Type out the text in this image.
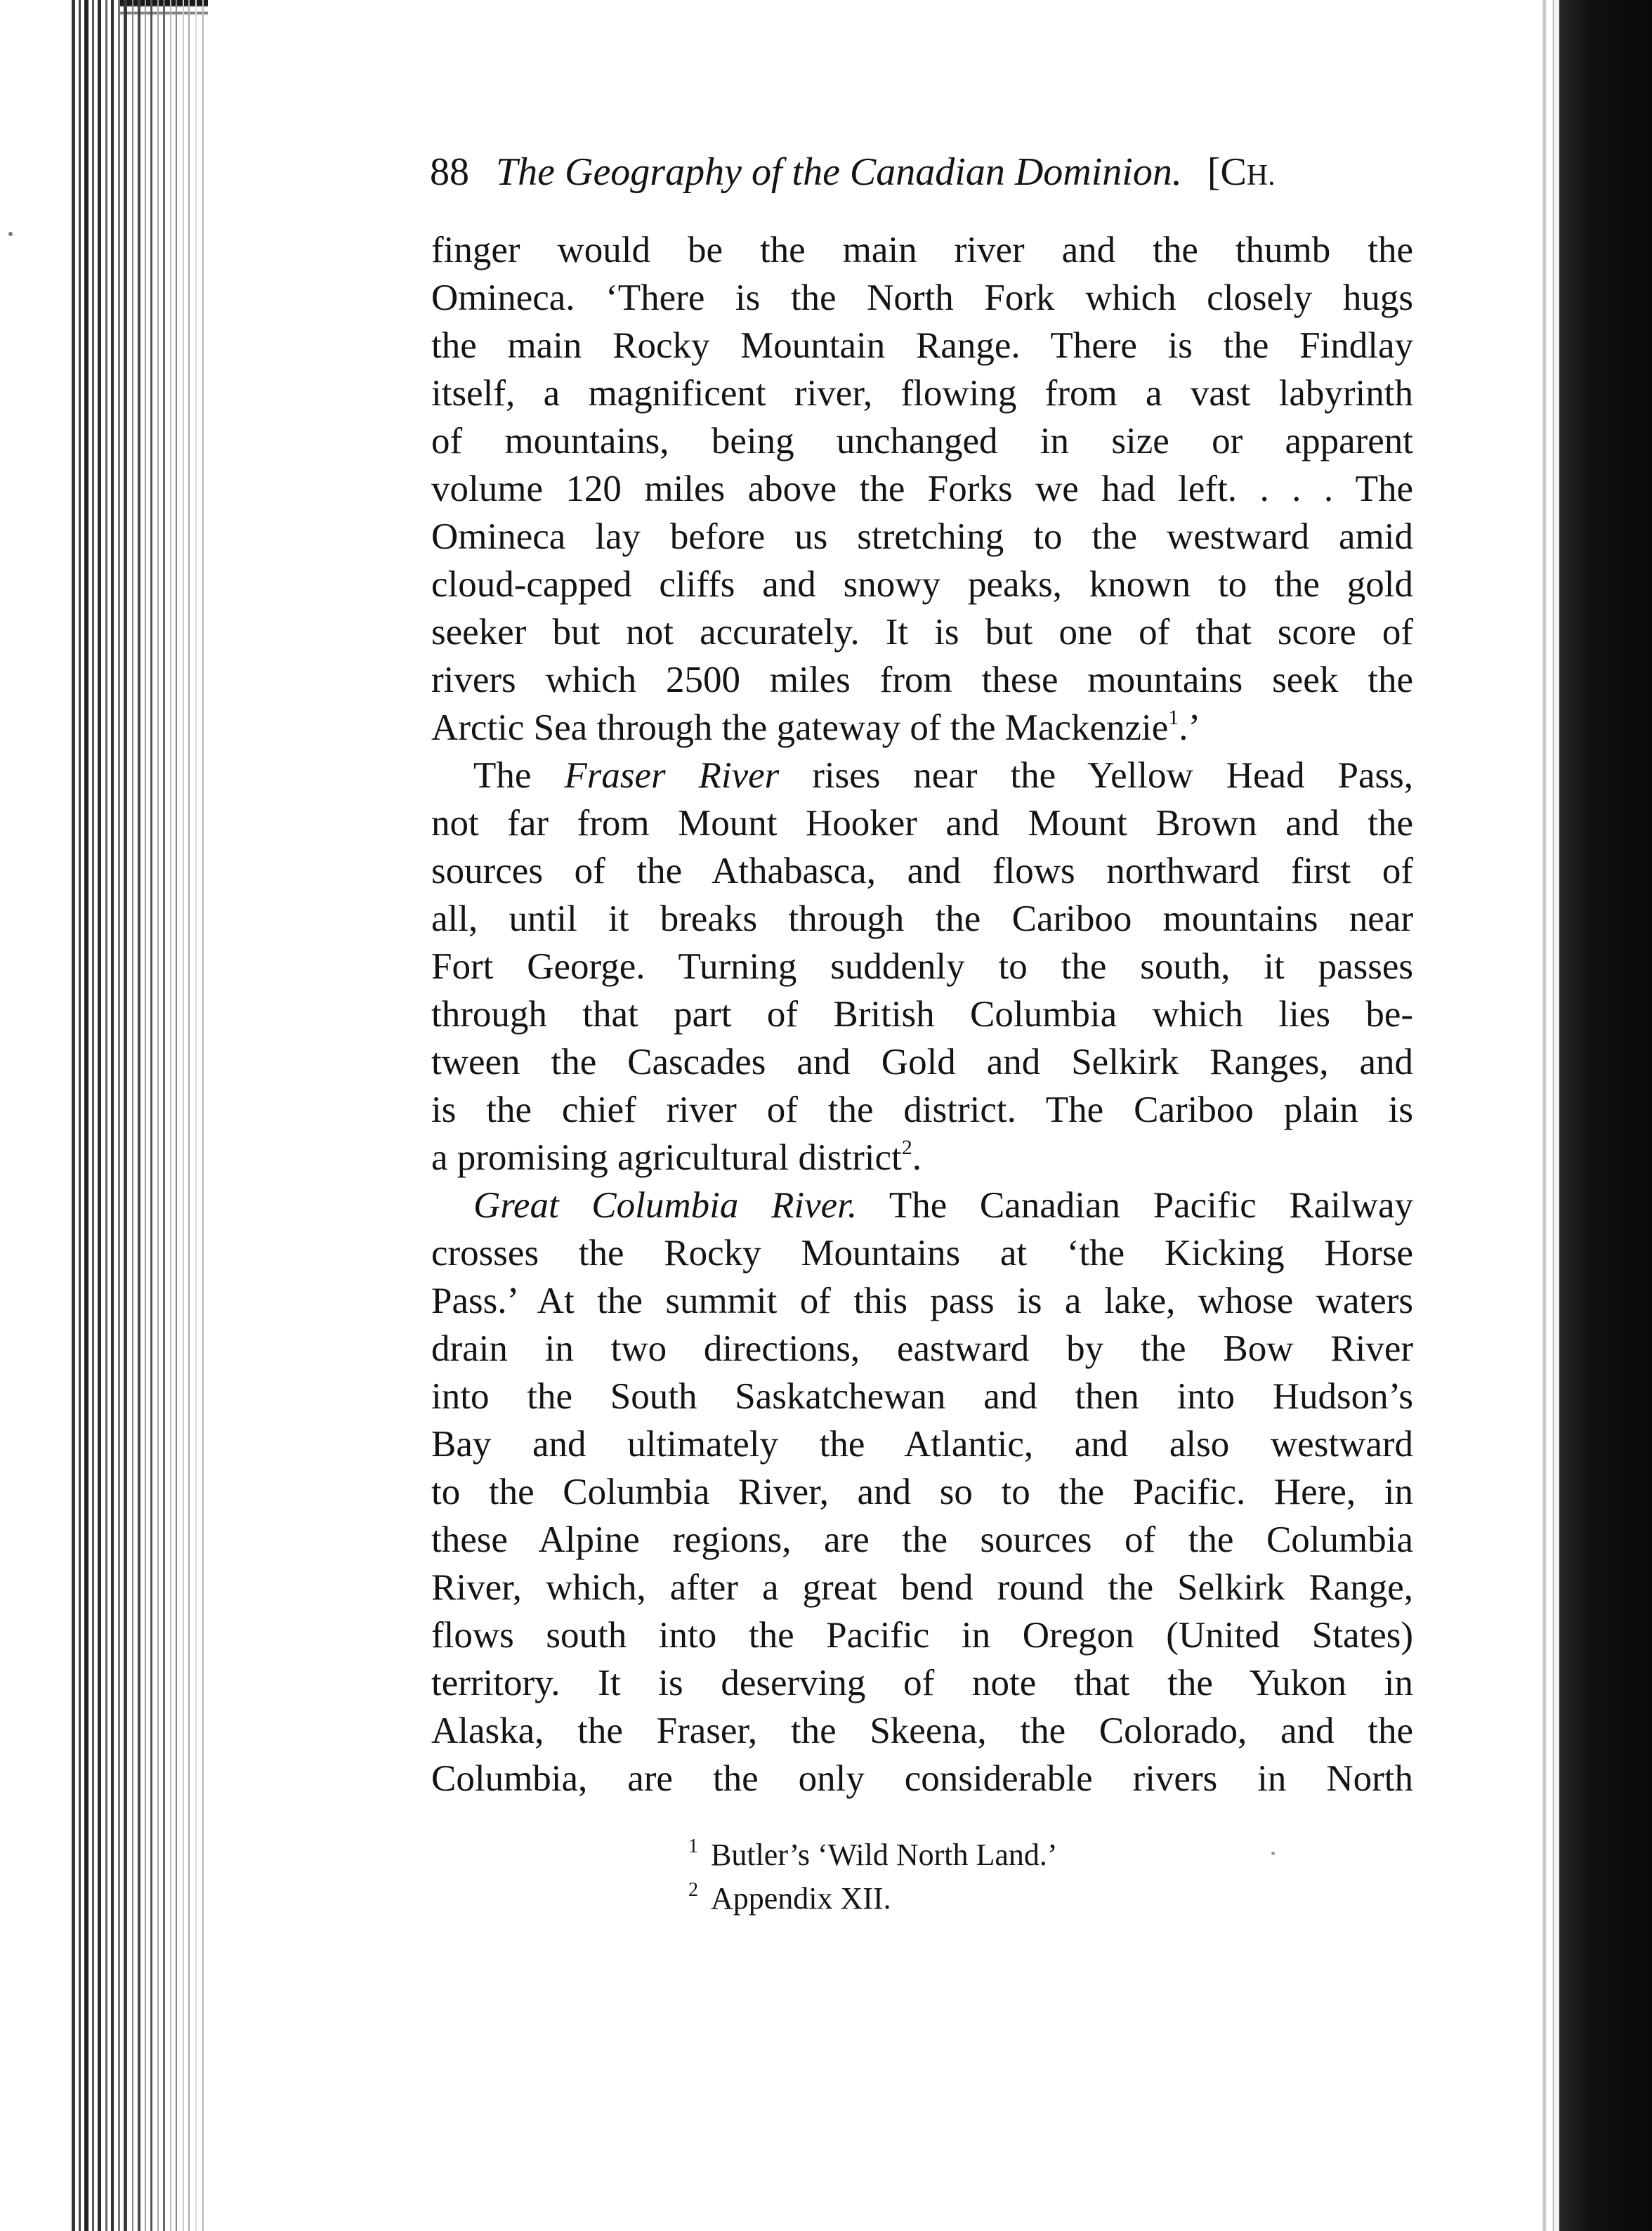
88 The Geography of the Canadian Dominion. [CH.
finger would be the main river and the thumb the
Omineca. ‘There is the North Fork which closely hugs
the main Rocky Mountain Range. There is the Findlay
itself, a magnificent river, flowing from a vast labyrinth
of mountains, being unchanged in size or apparent
volume 120 miles above the Forks we had left. . . . The
Omineca lay before us stretching to the westward amid
cloud-capped cliffs and snowy peaks, known to the gold
seeker but not accurately. It is but one of that score of
rivers which 2500 miles from these mountains seek the
Arctic Sea through the gateway of the Mackenzie$^1$.’
The Fraser River rises near the Yellow Head Pass,
not far from Mount Hooker and Mount Brown and the
sources of the Athabasca, and flows northward first of
all, until it breaks through the Cariboo mountains near
Fort George. Turning suddenly to the south, it passes
through that part of British Columbia which lies be-
tween the Cascades and Gold and Selkirk Ranges, and
is the chief river of the district. The Cariboo plain is
a promising agricultural district$^2$.
Great Columbia River. The Canadian Pacific Railway
crosses the Rocky Mountains at ‘the Kicking Horse
Pass.’ At the summit of this pass is a lake, whose waters
drain in two directions, eastward by the Bow River
into the South Saskatchewan and then into Hudson’s
Bay and ultimately the Atlantic, and also westward
to the Columbia River, and so to the Pacific. Here, in
these Alpine regions, are the sources of the Columbia
River, which, after a great bend round the Selkirk Range,
flows south into the Pacific in Oregon (United States)
territory. It is deserving of note that the Yukon in
Alaska, the Fraser, the Skeena, the Colorado, and the
Columbia, are the only considerable rivers in North
$^1$ Butler’s ‘Wild North Land.’
$^2$ Appendix XII.
